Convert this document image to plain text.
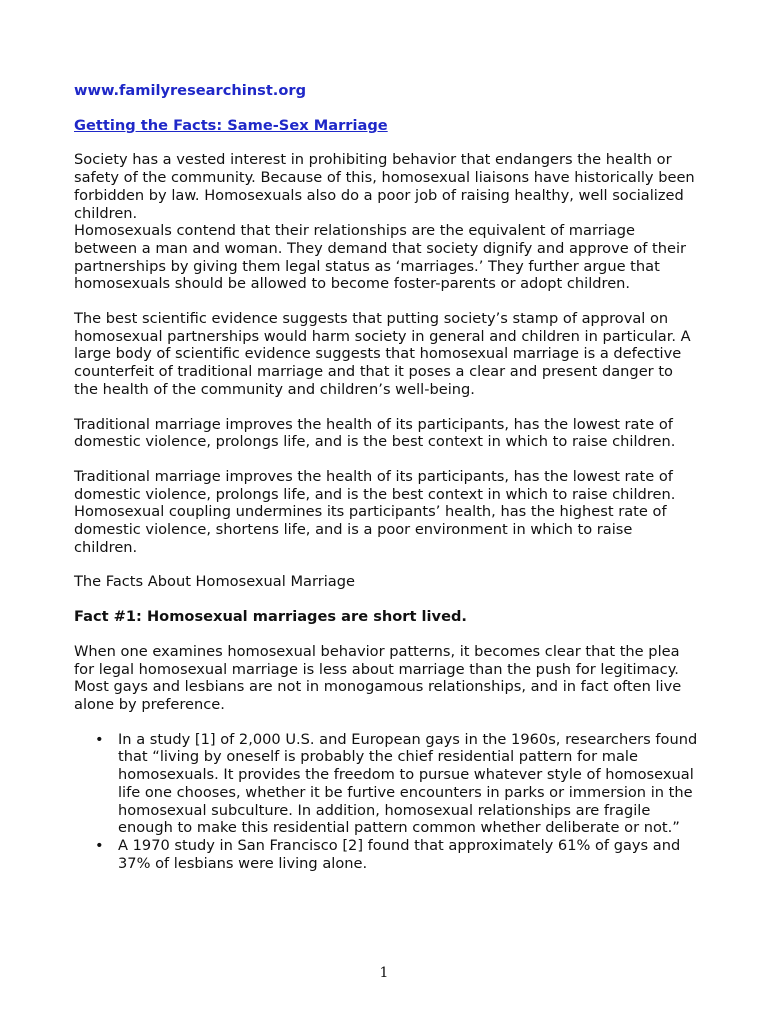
www.familyresearchinst.org
Getting the Facts: Same-Sex Marriage

Society has a vested interest in prohibiting behavior that endangers the health or safety of the community. Because of this, homosexual liaisons have historically been forbidden by law. Homosexuals also do a poor job of raising healthy, well socialized children.

Homosexuals contend that their relationships are the equivalent of marriage between a man and woman. They demand that society dignify and approve of their partnerships by giving them legal status as ‘marriages.’ They further argue that homosexuals should be allowed to become foster-parents or adopt children.

The best scientific evidence suggests that putting society’s stamp of approval on homosexual partnerships would harm society in general and children in particular. A large body of scientific evidence suggests that homosexual marriage is a defective counterfeit of traditional marriage and that it poses a clear and present danger to the health of the community and children’s well-being.

Traditional marriage improves the health of its participants, has the lowest rate of domestic violence, prolongs life, and is the best context in which to raise children.

Traditional marriage improves the health of its participants, has the lowest rate of domestic violence, prolongs life, and is the best context in which to raise children. Homosexual coupling undermines its participants’ health, has the highest rate of domestic violence, shortens life, and is a poor environment in which to raise children.

The Facts About Homosexual Marriage

Fact #1: Homosexual marriages are short lived.

When one examines homosexual behavior patterns, it becomes clear that the plea for legal homosexual marriage is less about marriage than the push for legitimacy. Most gays and lesbians are not in monogamous relationships, and in fact often live alone by preference.

• In a study [1] of 2,000 U.S. and European gays in the 1960s, researchers found that “living by oneself is probably the chief residential pattern for male homosexuals. It provides the freedom to pursue whatever style of homosexual life one chooses, whether it be furtive encounters in parks or immersion in the homosexual subculture. In addition, homosexual relationships are fragile enough to make this residential pattern common whether deliberate or not.”
• A 1970 study in San Francisco [2] found that approximately 61% of gays and 37% of lesbians were living alone.
1
